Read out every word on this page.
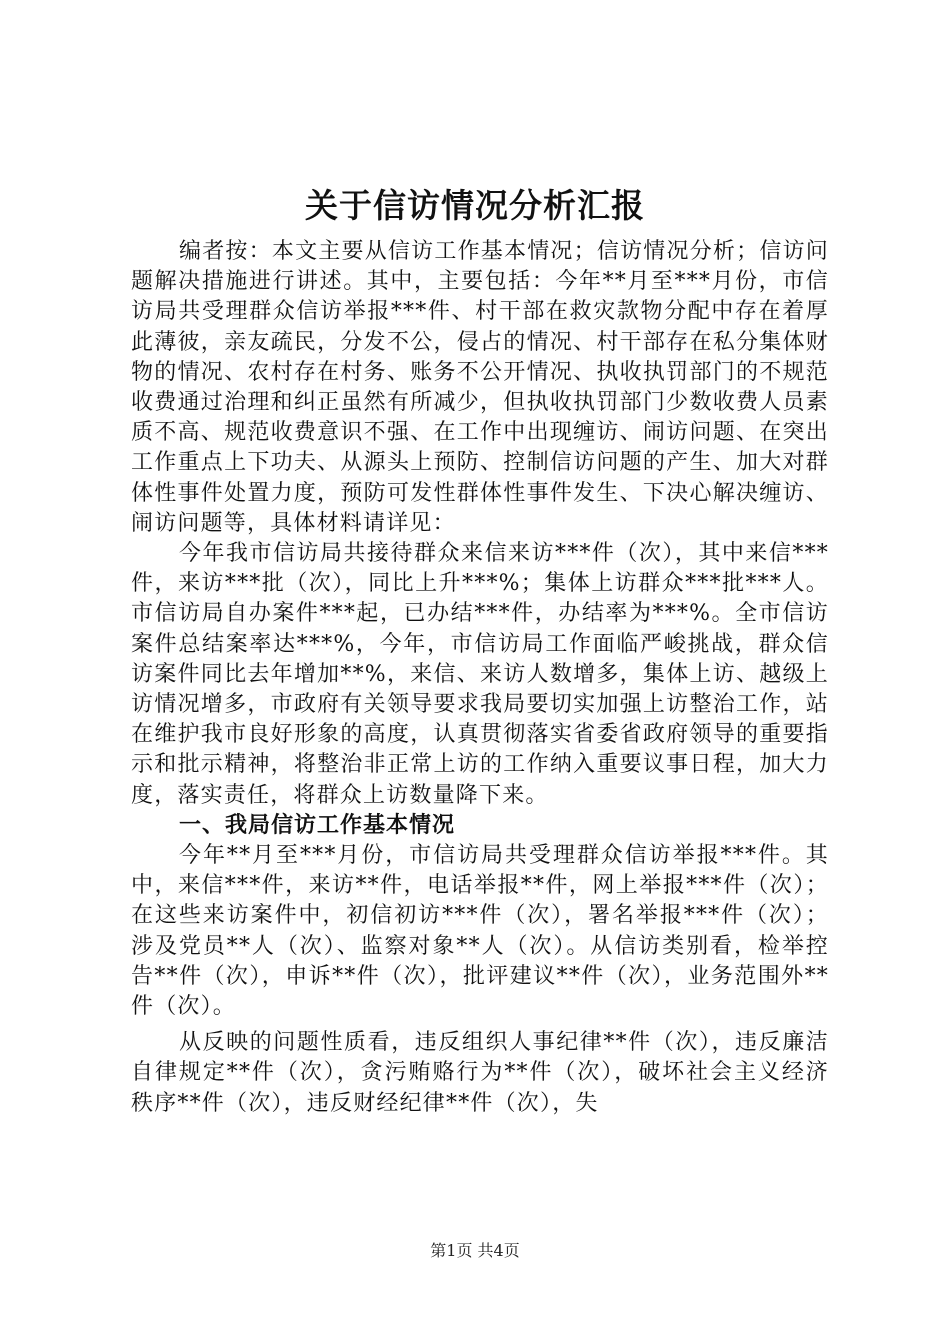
关于信访情况分析汇报

编者按：本文主要从信访工作基本情况；信访情况分析；信访问题解决措施进行讲述。其中，主要包括：今年**月至***月份，市信访局共受理群众信访举报***件、村干部在救灾款物分配中存在着厚此薄彼，亲友疏民，分发不公，侵占的情况、村干部存在私分集体财物的情况、农村存在村务、账务不公开情况、执收执罚部门的不规范收费通过治理和纠正虽然有所减少，但执收执罚部门少数收费人员素质不高、规范收费意识不强、在工作中出现缠访、闹访问题、在突出工作重点上下功夫、从源头上预防、控制信访问题的产生、加大对群体性事件处置力度，预防可发性群体性事件发生、下决心解决缠访、闹访问题等，具体材料请详见：

今年我市信访局共接待群众来信来访***件（次），其中来信***件，来访***批（次），同比上升***%；集体上访群众***批***人。市信访局自办案件***起，已办结***件，办结率为***%。全市信访案件总结案率达***%，今年，市信访局工作面临严峻挑战，群众信访案件同比去年增加**%，来信、来访人数增多，集体上访、越级上访情况增多，市政府有关领导要求我局要切实加强上访整治工作，站在维护我市良好形象的高度，认真贯彻落实省委省政府领导的重要指示和批示精神，将整治非正常上访的工作纳入重要议事日程，加大力度，落实责任，将群众上访数量降下来。

一、我局信访工作基本情况

今年**月至***月份，市信访局共受理群众信访举报***件。其中，来信***件，来访**件，电话举报**件，网上举报***件（次）；在这些来访案件中，初信初访***件（次），署名举报***件（次）；涉及党员**人（次）、监察对象**人（次）。从信访类别看，检举控告**件（次），申诉**件（次），批评建议**件（次），业务范围外**件（次）。

从反映的问题性质看，违反组织人事纪律**件（次），违反廉洁自律规定**件（次），贪污贿赂行为**件（次），破坏社会主义经济秩序**件（次），违反财经纪律**件（次），失

第1页 共4页
